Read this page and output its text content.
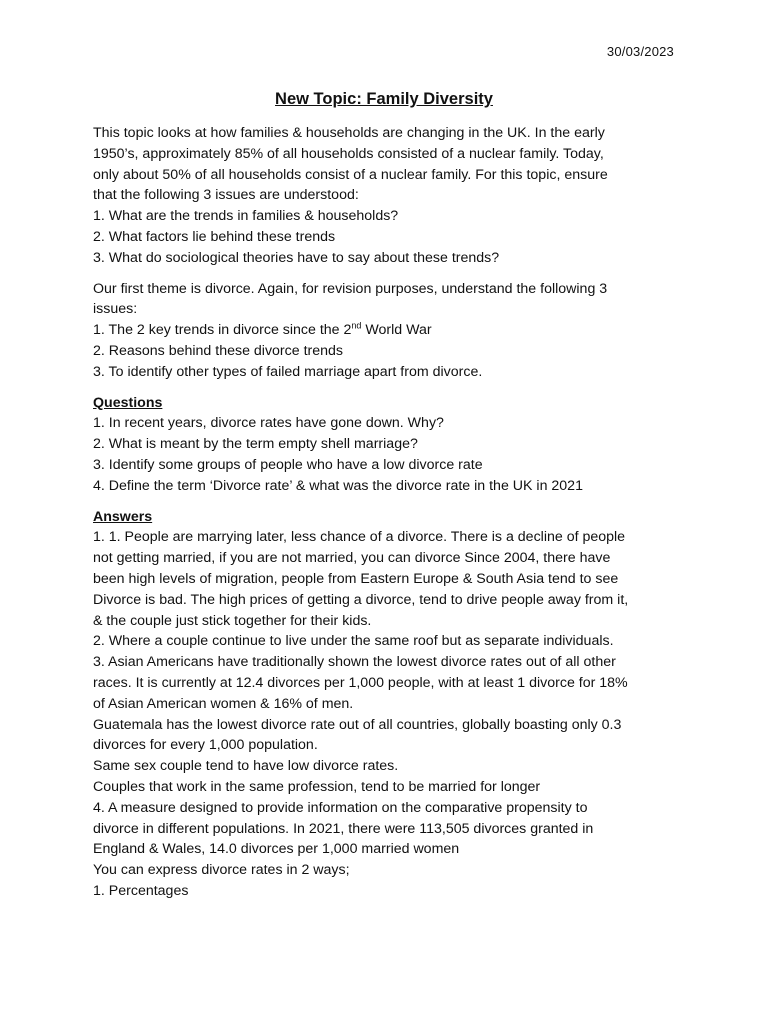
30/03/2023
New Topic: Family Diversity
This topic looks at how families & households are changing in the UK. In the early
1950’s, approximately 85% of all households consisted of a nuclear family. Today,
only about 50% of all households consist of a nuclear family. For this topic, ensure
that the following 3 issues are understood:
1. What are the trends in families & households?
2. What factors lie behind these trends
3. What do sociological theories have to say about these trends?
Our first theme is divorce. Again, for revision purposes, understand the following 3
issues:
1. The 2 key trends in divorce since the 2nd World War
2. Reasons behind these divorce trends
3. To identify other types of failed marriage apart from divorce.
Questions
1. In recent years, divorce rates have gone down. Why?
2. What is meant by the term empty shell marriage?
3. Identify some groups of people who have a low divorce rate
4. Define the term ‘Divorce rate’ & what was the divorce rate in the UK in 2021
Answers
1. 1. People are marrying later, less chance of a divorce. There is a decline of people
not getting married, if you are not married, you can divorce Since 2004, there have
been high levels of migration, people from Eastern Europe & South Asia tend to see
Divorce is bad. The high prices of getting a divorce, tend to drive people away from it,
& the couple just stick together for their kids.
2. Where a couple continue to live under the same roof but as separate individuals.
3. Asian Americans have traditionally shown the lowest divorce rates out of all other
races. It is currently at 12.4 divorces per 1,000 people, with at least 1 divorce for 18%
of Asian American women & 16% of men.
Guatemala has the lowest divorce rate out of all countries, globally boasting only 0.3
divorces for every 1,000 population.
Same sex couple tend to have low divorce rates.
Couples that work in the same profession, tend to be married for longer
4. A measure designed to provide information on the comparative propensity to
divorce in different populations. In 2021, there were 113,505 divorces granted in
England & Wales, 14.0 divorces per 1,000 married women
You can express divorce rates in 2 ways;
1. Percentages
